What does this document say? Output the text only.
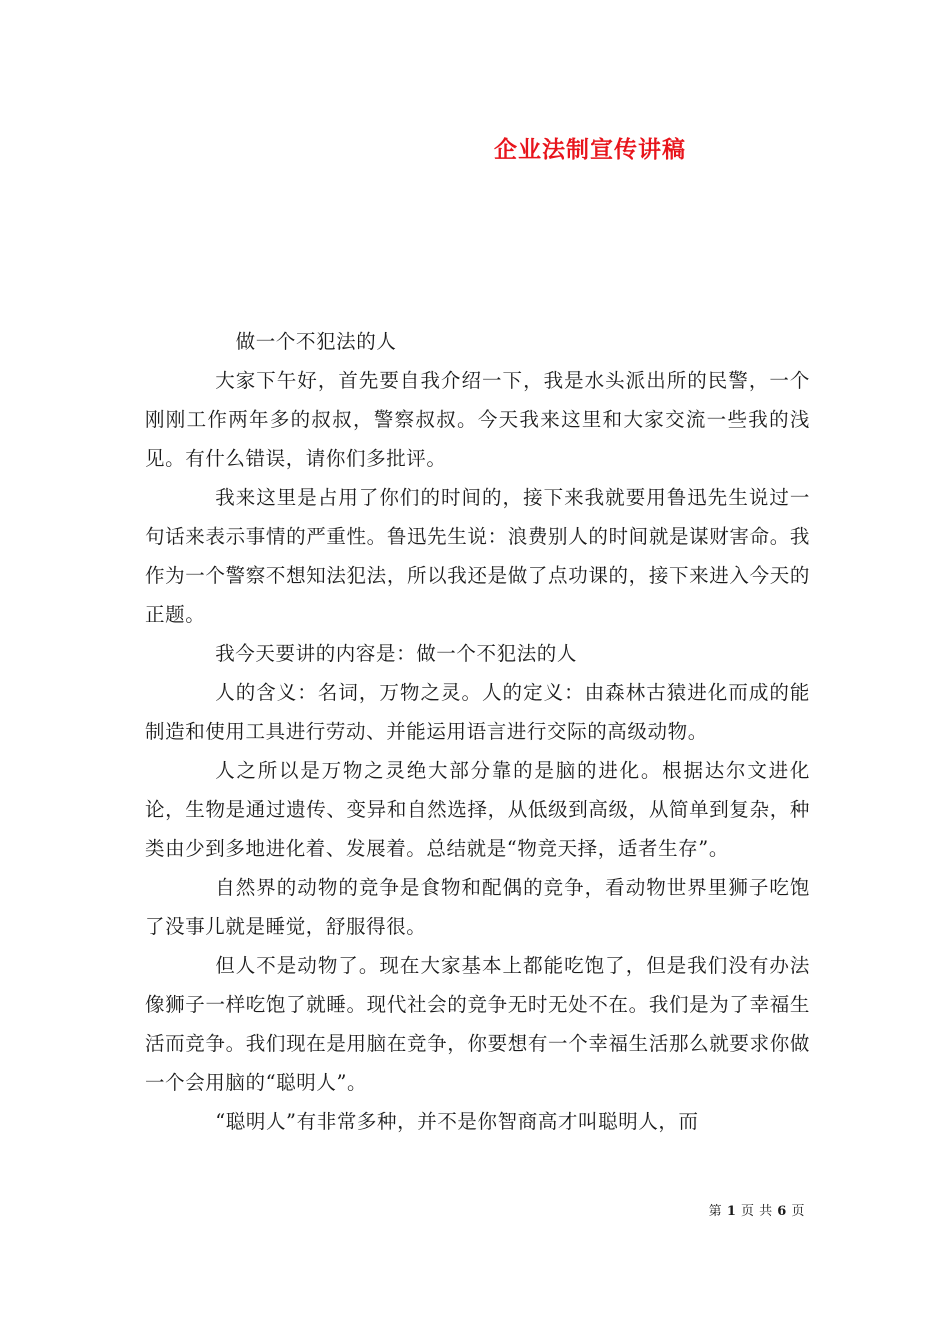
企业法制宣传讲稿

做一个不犯法的人

大家下午好，首先要自我介绍一下，我是水头派出所的民警，一个刚刚工作两年多的叔叔，警察叔叔。今天我来这里和大家交流一些我的浅见。有什么错误，请你们多批评。

我来这里是占用了你们的时间的，接下来我就要用鲁迅先生说过一句话来表示事情的严重性。鲁迅先生说：浪费别人的时间就是谋财害命。我作为一个警察不想知法犯法，所以我还是做了点功课的，接下来进入今天的正题。

我今天要讲的内容是：做一个不犯法的人

人的含义：名词，万物之灵。人的定义：由森林古猿进化而成的能制造和使用工具进行劳动、并能运用语言进行交际的高级动物。

人之所以是万物之灵绝大部分靠的是脑的进化。根据达尔文进化论，生物是通过遗传、变异和自然选择，从低级到高级，从简单到复杂，种类由少到多地进化着、发展着。总结就是“物竞天择，适者生存”。

自然界的动物的竞争是食物和配偶的竞争，看动物世界里狮子吃饱了没事儿就是睡觉，舒服得很。

但人不是动物了。现在大家基本上都能吃饱了，但是我们没有办法像狮子一样吃饱了就睡。现代社会的竞争无时无处不在。我们是为了幸福生活而竞争。我们现在是用脑在竞争，你要想有一个幸福生活那么就要求你做一个会用脑的“聪明人”。

“聪明人”有非常多种，并不是你智商高才叫聪明人，而

第 1 页 共 6 页
